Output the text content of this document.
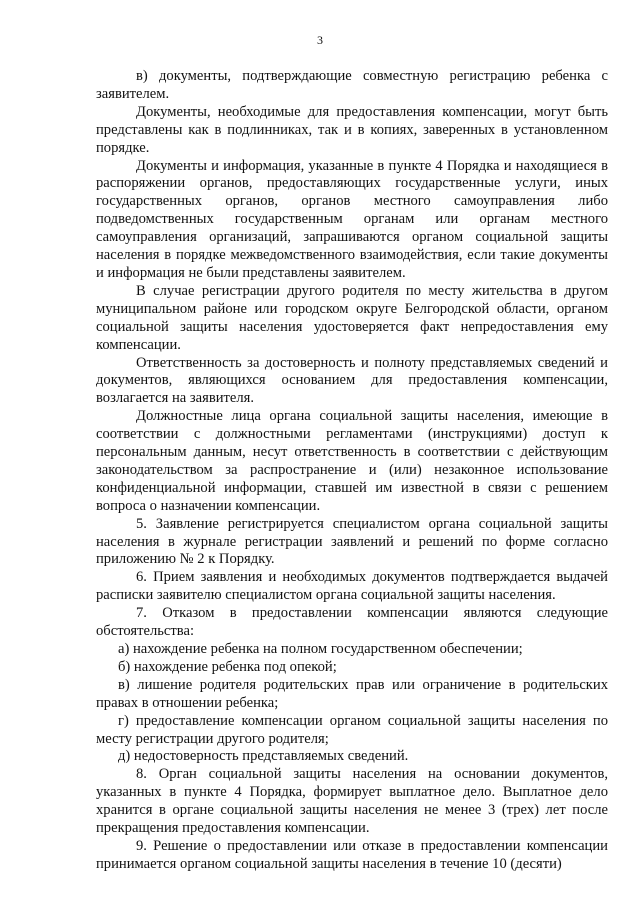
3

в) документы, подтверждающие совместную регистрацию ребенка с заявителем.

Документы, необходимые для предоставления компенсации, могут быть представлены как в подлинниках, так и в копиях, заверенных в установленном порядке.

Документы и информация, указанные в пункте 4 Порядка и находящиеся в распоряжении органов, предоставляющих государственные услуги, иных государственных органов, органов местного самоуправления либо подведомственных государственным органам или органам местного самоуправления организаций, запрашиваются органом социальной защиты населения в порядке межведомственного взаимодействия, если такие документы и информация не были представлены заявителем.

В случае регистрации другого родителя по месту жительства в другом муниципальном районе или городском округе Белгородской области, органом социальной защиты населения удостоверяется факт непредоставления ему компенсации.

Ответственность за достоверность и полноту представляемых сведений и документов, являющихся основанием для предоставления компенсации, возлагается на заявителя.

Должностные лица органа социальной защиты населения, имеющие в соответствии с должностными регламентами (инструкциями) доступ к персональным данным, несут ответственность в соответствии с действующим законодательством за распространение и (или) незаконное использование конфиденциальной информации, ставшей им известной в связи с решением вопроса о назначении компенсации.

5. Заявление регистрируется специалистом органа социальной защиты населения в журнале регистрации заявлений и решений по форме согласно приложению № 2 к Порядку.

6. Прием заявления и необходимых документов подтверждается выдачей расписки заявителю специалистом органа социальной защиты населения.

7. Отказом в предоставлении компенсации являются следующие обстоятельства:

а) нахождение ребенка на полном государственном обеспечении;

б) нахождение ребенка под опекой;

в) лишение родителя родительских прав или ограничение в родительских правах в отношении ребенка;

г) предоставление компенсации органом социальной защиты населения по месту регистрации другого родителя;

д) недостоверность представляемых сведений.

8. Орган социальной защиты населения на основании документов, указанных в пункте 4 Порядка, формирует выплатное дело. Выплатное дело хранится в органе социальной защиты населения не менее 3 (трех) лет после прекращения предоставления компенсации.

9. Решение о предоставлении или отказе в предоставлении компенсации принимается органом социальной защиты населения в течение 10 (десяти)
